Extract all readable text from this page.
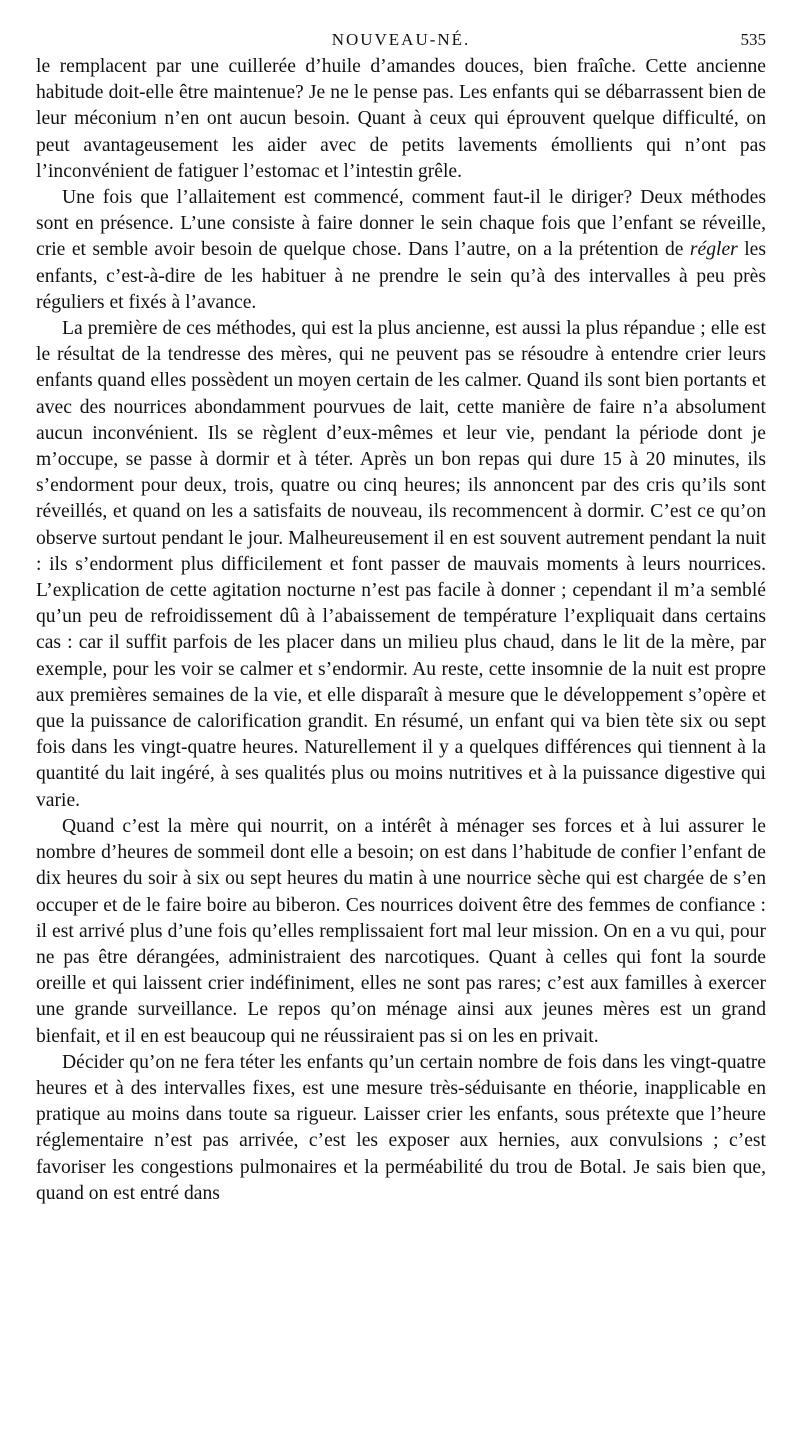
NOUVEAU-NÉ.	535

le remplacent par une cuillerée d’huile d’amandes douces, bien fraîche. Cette ancienne habitude doit-elle être maintenue? Je ne le pense pas. Les enfants qui se débarrassent bien de leur méconium n’en ont aucun besoin. Quant à ceux qui éprouvent quelque difficulté, on peut avantageusement les aider avec de petits lavements émollients qui n’ont pas l’inconvénient de fatiguer l’estomac et l’intestin grêle.

Une fois que l’allaitement est commencé, comment faut-il le diriger? Deux méthodes sont en présence. L’une consiste à faire donner le sein chaque fois que l’enfant se réveille, crie et semble avoir besoin de quelque chose. Dans l’autre, on a la prétention de régler les enfants, c’est-à-dire de les habituer à ne prendre le sein qu’à des intervalles à peu près réguliers et fixés à l’avance.

La première de ces méthodes, qui est la plus ancienne, est aussi la plus répandue ; elle est le résultat de la tendresse des mères, qui ne peuvent pas se résoudre à entendre crier leurs enfants quand elles possèdent un moyen certain de les calmer. Quand ils sont bien portants et avec des nourrices abondamment pourvues de lait, cette manière de faire n’a absolument aucun inconvénient. Ils se règlent d’eux-mêmes et leur vie, pendant la période dont je m’occupe, se passe à dormir et à téter. Après un bon repas qui dure 15 à 20 minutes, ils s’endorment pour deux, trois, quatre ou cinq heures; ils annoncent par des cris qu’ils sont réveillés, et quand on les a satisfaits de nouveau, ils recommencent à dormir. C’est ce qu’on observe surtout pendant le jour. Malheureusement il en est souvent autrement pendant la nuit : ils s’endorment plus difficilement et font passer de mauvais moments à leurs nourrices. L’explication de cette agitation nocturne n’est pas facile à donner ; cependant il m’a semblé qu’un peu de refroidissement dû à l’abaissement de température l’expliquait dans certains cas : car il suffit parfois de les placer dans un milieu plus chaud, dans le lit de la mère, par exemple, pour les voir se calmer et s’endormir. Au reste, cette insomnie de la nuit est propre aux premières semaines de la vie, et elle disparaît à mesure que le développement s’opère et que la puissance de calorification grandit. En résumé, un enfant qui va bien tète six ou sept fois dans les vingt-quatre heures. Naturellement il y a quelques différences qui tiennent à la quantité du lait ingéré, à ses qualités plus ou moins nutritives et à la puissance digestive qui varie.

Quand c’est la mère qui nourrit, on a intérêt à ménager ses forces et à lui assurer le nombre d’heures de sommeil dont elle a besoin; on est dans l’habitude de confier l’enfant de dix heures du soir à six ou sept heures du matin à une nourrice sèche qui est chargée de s’en occuper et de le faire boire au biberon. Ces nourrices doivent être des femmes de confiance : il est arrivé plus d’une fois qu’elles remplissaient fort mal leur mission. On en a vu qui, pour ne pas être dérangées, administraient des narcotiques. Quant à celles qui font la sourde oreille et qui laissent crier indéfiniment, elles ne sont pas rares; c’est aux familles à exercer une grande surveillance. Le repos qu’on ménage ainsi aux jeunes mères est un grand bienfait, et il en est beaucoup qui ne réussiraient pas si on les en privait.

Décider qu’on ne fera téter les enfants qu’un certain nombre de fois dans les vingt-quatre heures et à des intervalles fixes, est une mesure très-séduisante en théorie, inapplicable en pratique au moins dans toute sa rigueur. Laisser crier les enfants, sous prétexte que l’heure réglementaire n’est pas arrivée, c’est les exposer aux hernies, aux convulsions ; c’est favoriser les congestions pulmonaires et la perméabilité du trou de Botal. Je sais bien que, quand on est entré dans
